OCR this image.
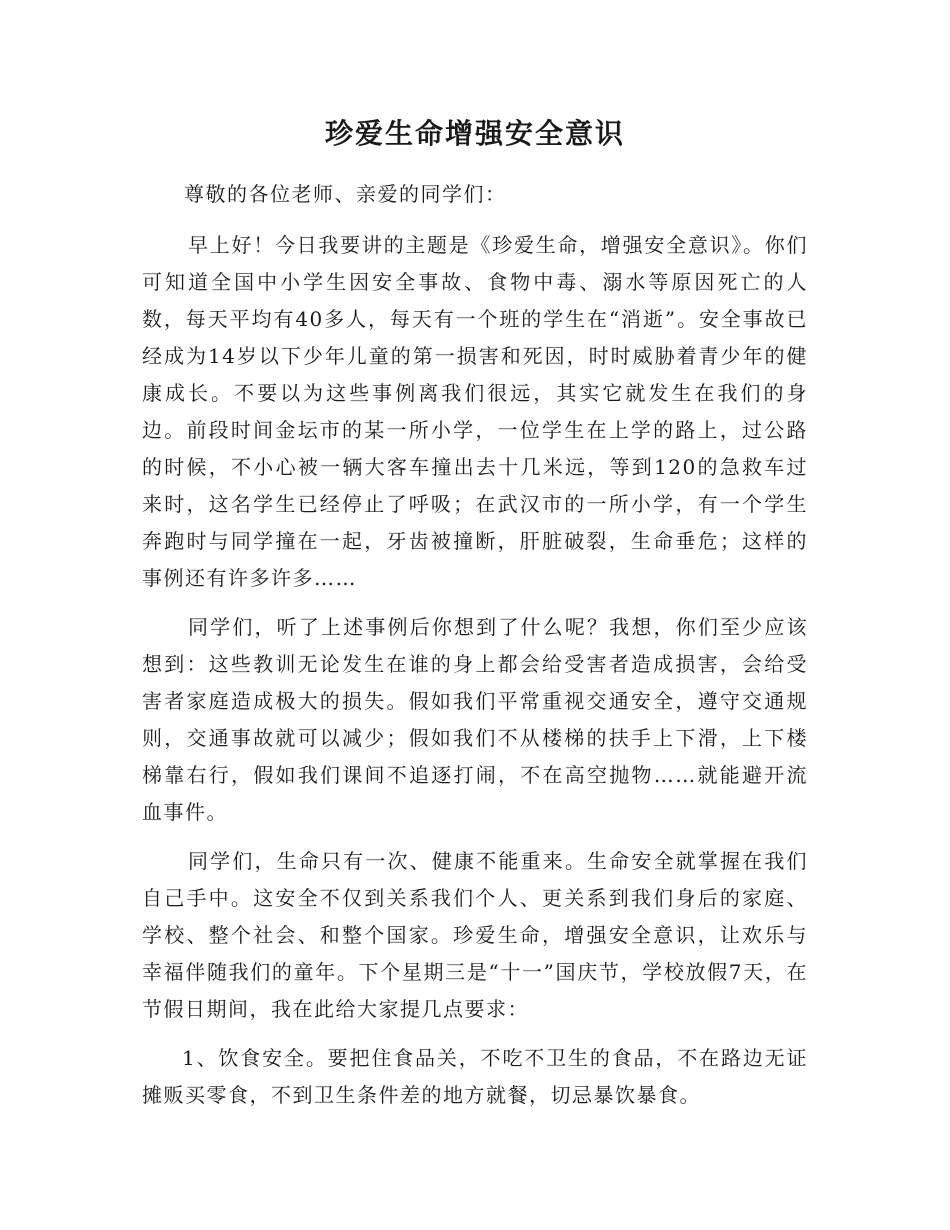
珍爱生命增强安全意识

尊敬的各位老师、亲爱的同学们：

早上好！今日我要讲的主题是《珍爱生命，增强安全意识》。你们可知道全国中小学生因安全事故、食物中毒、溺水等原因死亡的人数，每天平均有40多人，每天有一个班的学生在“消逝”。安全事故已经成为14岁以下少年儿童的第一损害和死因，时时威胁着青少年的健康成长。不要以为这些事例离我们很远，其实它就发生在我们的身边。前段时间金坛市的某一所小学，一位学生在上学的路上，过公路的时候，不小心被一辆大客车撞出去十几米远，等到120的急救车过来时，这名学生已经停止了呼吸；在武汉市的一所小学，有一个学生奔跑时与同学撞在一起，牙齿被撞断，肝脏破裂，生命垂危；这样的事例还有许多许多……

同学们，听了上述事例后你想到了什么呢？我想，你们至少应该想到：这些教训无论发生在谁的身上都会给受害者造成损害，会给受害者家庭造成极大的损失。假如我们平常重视交通安全，遵守交通规则，交通事故就可以减少；假如我们不从楼梯的扶手上下滑，上下楼梯靠右行，假如我们课间不追逐打闹，不在高空抛物……就能避开流血事件。

同学们，生命只有一次、健康不能重来。生命安全就掌握在我们自己手中。这安全不仅到关系我们个人、更关系到我们身后的家庭、学校、整个社会、和整个国家。珍爱生命，增强安全意识，让欢乐与幸福伴随我们的童年。下个星期三是“十一”国庆节，学校放假7天，在节假日期间，我在此给大家提几点要求：

1、饮食安全。要把住食品关，不吃不卫生的食品，不在路边无证摊贩买零食，不到卫生条件差的地方就餐，切忌暴饮暴食。
